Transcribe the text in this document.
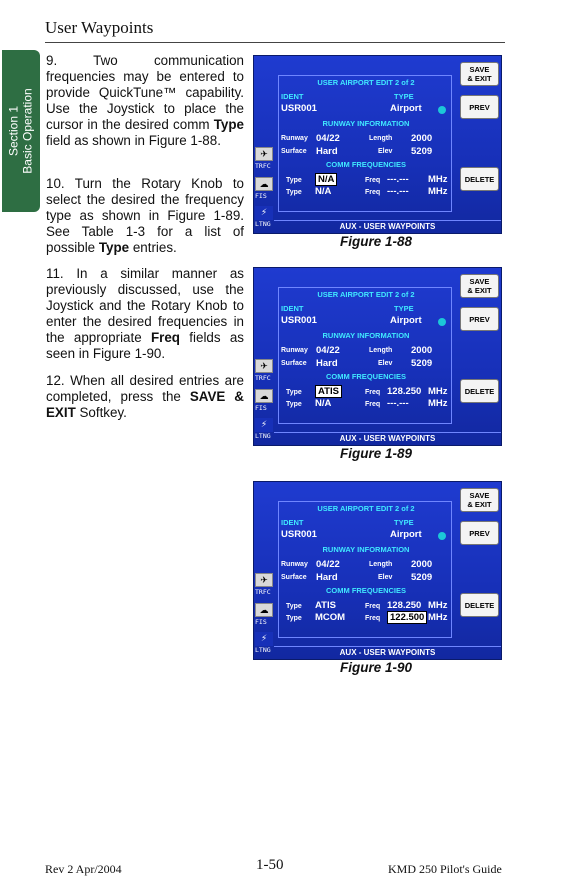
User Waypoints
Section 1 Basic Operation
9. Two communication frequencies may be entered to provide QuickTune™ capability. Use the Joystick to place the cursor in the desired comm Type field as shown in Figure 1-88.
10. Turn the Rotary Knob to select the desired the frequency type as shown in Figure 1-89. See Table 1-3 for a list of possible Type entries.
11. In a similar manner as previously discussed, use the Joystick and the Rotary Knob to enter the desired frequencies in the appropriate Freq fields as seen in Figure 1-90.
12. When all desired entries are completed, press the SAVE & EXIT Softkey.
✈
TRFC
☁
FIS
⚡
LTNG
USER AIRPORT EDIT 2 of 2
IDENT	TYPE
USR001	Airport
RUNWAY INFORMATION
Runway 04/22	Length 2000
Surface Hard	Elev 5209
COMM FREQUENCIES
Type	N/A	Freq ---.--- MHz
Type N/A	Freq ---.--- MHz
SAVE
& EXIT
PREV
DELETE
AUX - USER WAYPOINTS
Figure 1-88
✈
TRFC
☁
FIS
⚡
LTNG
USER AIRPORT EDIT 2 of 2
IDENT	TYPE
USR001	Airport
RUNWAY INFORMATION
Runway 04/22	Length 2000
Surface Hard	Elev 5209
COMM FREQUENCIES
Type	ATIS	Freq 128.250 MHz
Type N/A	Freq ---.--- MHz
SAVE
& EXIT
PREV
DELETE
AUX - USER WAYPOINTS
Figure 1-89
✈
TRFC
☁
FIS
⚡
LTNG
USER AIRPORT EDIT 2 of 2
IDENT	TYPE
USR001	Airport
RUNWAY INFORMATION
Runway 04/22	Length 2000
Surface Hard	Elev 5209
COMM FREQUENCIES
Type ATIS	Freq 128.250 MHz
Type MCOM	Freq	122.500 MHz
SAVE
& EXIT
PREV
DELETE
AUX - USER WAYPOINTS
Figure 1-90
Rev 2 Apr/2004	1-50	KMD 250 Pilot's Guide
